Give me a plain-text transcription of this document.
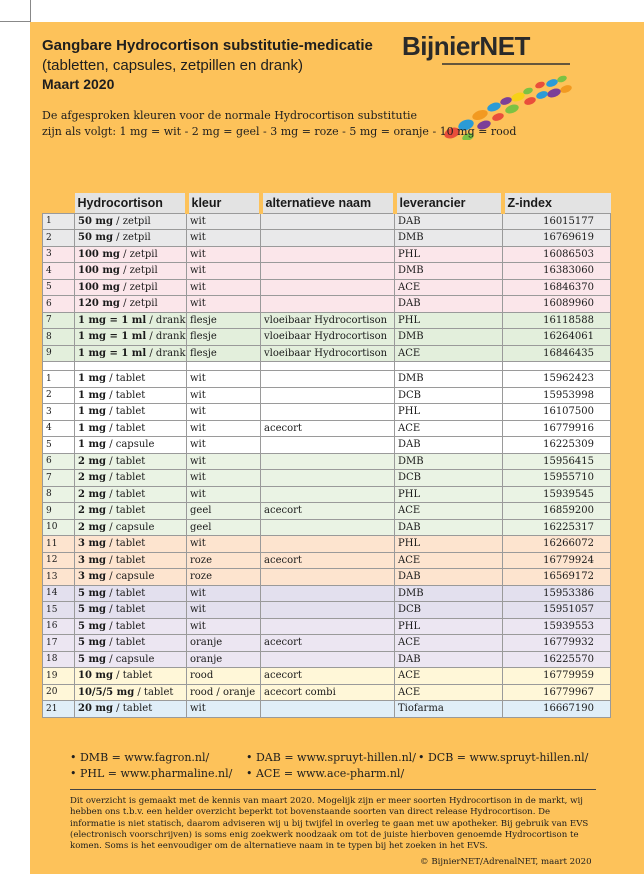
Gangbare Hydrocortison substitutie-medicatie
(tabletten, capsules, zetpillen en drank)
Maart 2020
BijnierNET
De afgesproken kleuren voor de normale Hydrocortison substitutie
zijn als volgt: 1 mg = wit - 2 mg = geel - 3 mg = roze - 5 mg = oranje - 10 mg = rood
	Hydrocortison	kleur	alternatieve naam	leverancier	Z-index
1	50 mg / zetpil	wit		DAB	16015177
2	50 mg / zetpil	wit		DMB	16769619
3	100 mg / zetpil	wit		PHL	16086503
4	100 mg / zetpil	wit		DMB	16383060
5	100 mg / zetpil	wit		ACE	16846370
6	120 mg / zetpil	wit		DAB	16089960
7	1 mg = 1 ml / drank	flesje	vloeibaar Hydrocortison	PHL	16118588
8	1 mg = 1 ml / drank	flesje	vloeibaar Hydrocortison	DMB	16264061
9	1 mg = 1 ml / drank	flesje	vloeibaar Hydrocortison	ACE	16846435

1	1 mg / tablet	wit		DMB	15962423
2	1 mg / tablet	wit		DCB	15953998
3	1 mg / tablet	wit		PHL	16107500
4	1 mg / tablet	wit	acecort	ACE	16779916
5	1 mg / capsule	wit		DAB	16225309
6	2 mg / tablet	wit		DMB	15956415
7	2 mg / tablet	wit		DCB	15955710
8	2 mg / tablet	wit		PHL	15939545
9	2 mg / tablet	geel	acecort	ACE	16859200
10	2 mg / capsule	geel		DAB	16225317
11	3 mg / tablet	wit		PHL	16266072
12	3 mg / tablet	roze	acecort	ACE	16779924
13	3 mg / capsule	roze		DAB	16569172
14	5 mg / tablet	wit		DMB	15953386
15	5 mg / tablet	wit		DCB	15951057
16	5 mg / tablet	wit		PHL	15939553
17	5 mg / tablet	oranje	acecort	ACE	16779932
18	5 mg / capsule	oranje		DAB	16225570
19	10 mg / tablet	rood	acecort	ACE	16779959
20	10/5/5 mg / tablet	rood / oranje	acecort combi	ACE	16779967
21	20 mg / tablet	wit		Tiofarma	16667190
• DMB = www.fagron.nl/	• DAB = www.spruyt-hillen.nl/ • DCB = www.spruyt-hillen.nl/
• PHL = www.pharmaline.nl/ • ACE = www.ace-pharm.nl/
Dit overzicht is gemaakt met de kennis van maart 2020. Mogelijk zijn er meer soorten Hydrocortison in de markt, wij hebben ons t.b.v. een helder overzicht beperkt tot bovenstaande soorten van direct release Hydrocortison. De informatie is niet statisch, daarom adviseren wij u bij twijfel in overleg te gaan met uw apotheker. Bij gebruik van EVS (electronisch voorschrijven) is soms enig zoekwerk noodzaak om tot de juiste hierboven genoemde Hydrocortison te komen. Soms is het eenvoudiger om de alternatieve naam in te typen bij het zoeken in het EVS.
© BijnierNET/AdrenalNET, maart 2020
